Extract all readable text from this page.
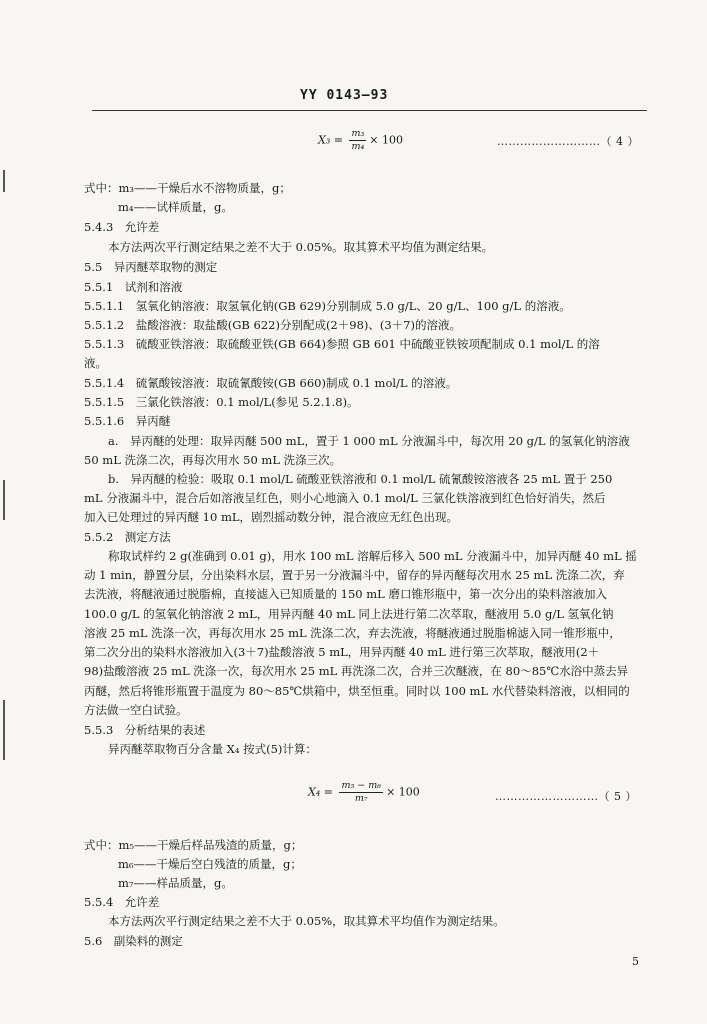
YY 0143—93
$X_3 = \frac{\text{m₃}}{\text{m₄}} \times 100$	………………………（ 4 ）
式中：m₃——干燥后水不溶物质量，g；
m₄——试样质量，g。
5.4.3　允许差
本方法两次平行测定结果之差不大于 0.05%。取其算术平均值为测定结果。
5.5　异丙醚萃取物的测定
5.5.1　试剂和溶液
5.5.1.1　氢氧化钠溶液：取氢氧化钠(GB 629)分别制成 5.0 g/L、20 g/L、100 g/L 的溶液。
5.5.1.2　盐酸溶液：取盐酸(GB 622)分别配成(2＋98)、(3＋7)的溶液。
5.5.1.3　硫酸亚铁溶液：取硫酸亚铁(GB 664)参照 GB 601 中硫酸亚铁铵项配制成 0.1 mol/L 的溶
液。
5.5.1.4　硫氰酸铵溶液：取硫氰酸铵(GB 660)制成 0.1 mol/L 的溶液。
5.5.1.5　三氯化铁溶液：0.1 mol/L(参见 5.2.1.8)。
5.5.1.6　异丙醚
a.　异丙醚的处理：取异丙醚 500 mL，置于 1 000 mL 分液漏斗中，每次用 20 g/L 的氢氧化钠溶液
50 mL 洗涤二次，再每次用水 50 mL 洗涤三次。
b.　异丙醚的检验：吸取 0.1 mol/L 硫酸亚铁溶液和 0.1 mol/L 硫氰酸铵溶液各 25 mL 置于 250
mL 分液漏斗中，混合后如溶液呈红色，则小心地滴入 0.1 mol/L 三氯化铁溶液到红色恰好消失，然后
加入已处理过的异丙醚 10 mL，剧烈摇动数分钟，混合液应无红色出现。
5.5.2　测定方法
称取试样约 2 g(准确到 0.01 g)，用水 100 mL 溶解后移入 500 mL 分液漏斗中，加异丙醚 40 mL 摇
动 1 min，静置分层，分出染料水层，置于另一分液漏斗中，留存的异丙醚每次用水 25 mL 洗涤二次，弃
去洗液，将醚液通过脱脂棉，直接滤入已知质量的 150 mL 磨口锥形瓶中，第一次分出的染料溶液加入
100.0 g/L 的氢氧化钠溶液 2 mL，用异丙醚 40 mL 同上法进行第二次萃取，醚液用 5.0 g/L 氢氧化钠
溶液 25 mL 洗涤一次，再每次用水 25 mL 洗涤二次，弃去洗液，将醚液通过脱脂棉滤入同一锥形瓶中，
第二次分出的染料水溶液加入(3＋7)盐酸溶液 5 mL，用异丙醚 40 mL 进行第三次萃取，醚液用(2＋
98)盐酸溶液 25 mL 洗涤一次，每次用水 25 mL 再洗涤二次，合并三次醚液，在 80～85℃水浴中蒸去异
丙醚，然后将锥形瓶置于温度为 80～85℃烘箱中，烘至恒重。同时以 100 mL 水代替染料溶液，以相同的
方法做一空白试验。
5.5.3　分析结果的表述
异丙醚萃取物百分含量 X₄ 按式(5)计算：
$X_4 = \frac{\text{m₅ − m₆}}{\text{m₇}} \times 100$	………………………（ 5 ）
式中：m₅——干燥后样品残渣的质量，g；
m₆——干燥后空白残渣的质量，g；
m₇——样品质量，g。
5.5.4　允许差
本方法两次平行测定结果之差不大于 0.05%，取其算术平均值作为测定结果。
5.6　副染料的测定
5
